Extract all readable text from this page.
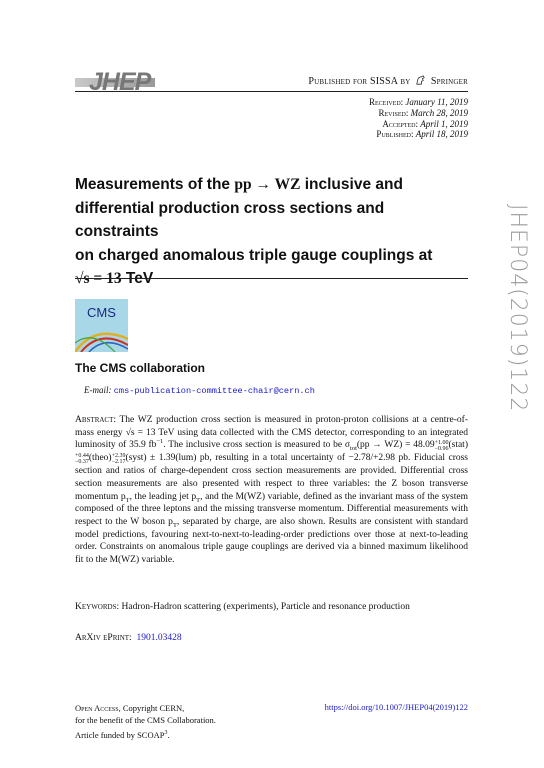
JHEP	Published for SISSA by Springer
Received: January 11, 2019
Revised: March 28, 2019
Accepted: April 1, 2019
Published: April 18, 2019
Measurements of the pp → WZ inclusive and
differential production cross sections and constraints
on charged anomalous triple gauge couplings at
√s = 13 TeV	JHEP04(2019)122
CMS
The CMS collaboration
E-mail: cms-publication-committee-chair@cern.ch
Abstract: The WZ production cross section is measured in proton-proton collisions at a centre-of-mass energy √s = 13 TeV using data collected with the CMS detector, corresponding to an integrated luminosity of 35.9 $fb^{-1}$. The inclusive cross section is measured to be $\sigma_{tot}(pp \to WZ) = 48.09+1.00$
−0.96(stat)+0.44
−0.37(theo)+2.39
−2.17(syst) ± 1.39(lum) pb, resulting in a total uncertainty of −2.78/+2.98 pb. Fiducial cross section and ratios of charge-dependent cross section measurements are provided. Differential cross section measurements are also presented with respect to three variables: the Z boson transverse momentum $p_T$, the leading jet $p_T$, and the M(WZ) variable, defined as the invariant mass of the system composed of the three leptons and the missing transverse momentum. Differential measurements with respect to the W boson $p_T$, separated by charge, are also shown. Results are consistent with standard model predictions, favouring next-to-next-to-leading-order predictions over those at next-to-leading order. Constraints on anomalous triple gauge couplings are derived via a binned maximum likelihood fit to the M(WZ) variable.
Keywords: Hadron-Hadron scattering (experiments), Particle and resonance production
ArXiv ePrint: 1901.03428
Open Access, Copyright CERN,
for the benefit of the CMS Collaboration.
Article funded by SCOAP$^3$.
https://doi.org/10.1007/JHEP04(2019)122
